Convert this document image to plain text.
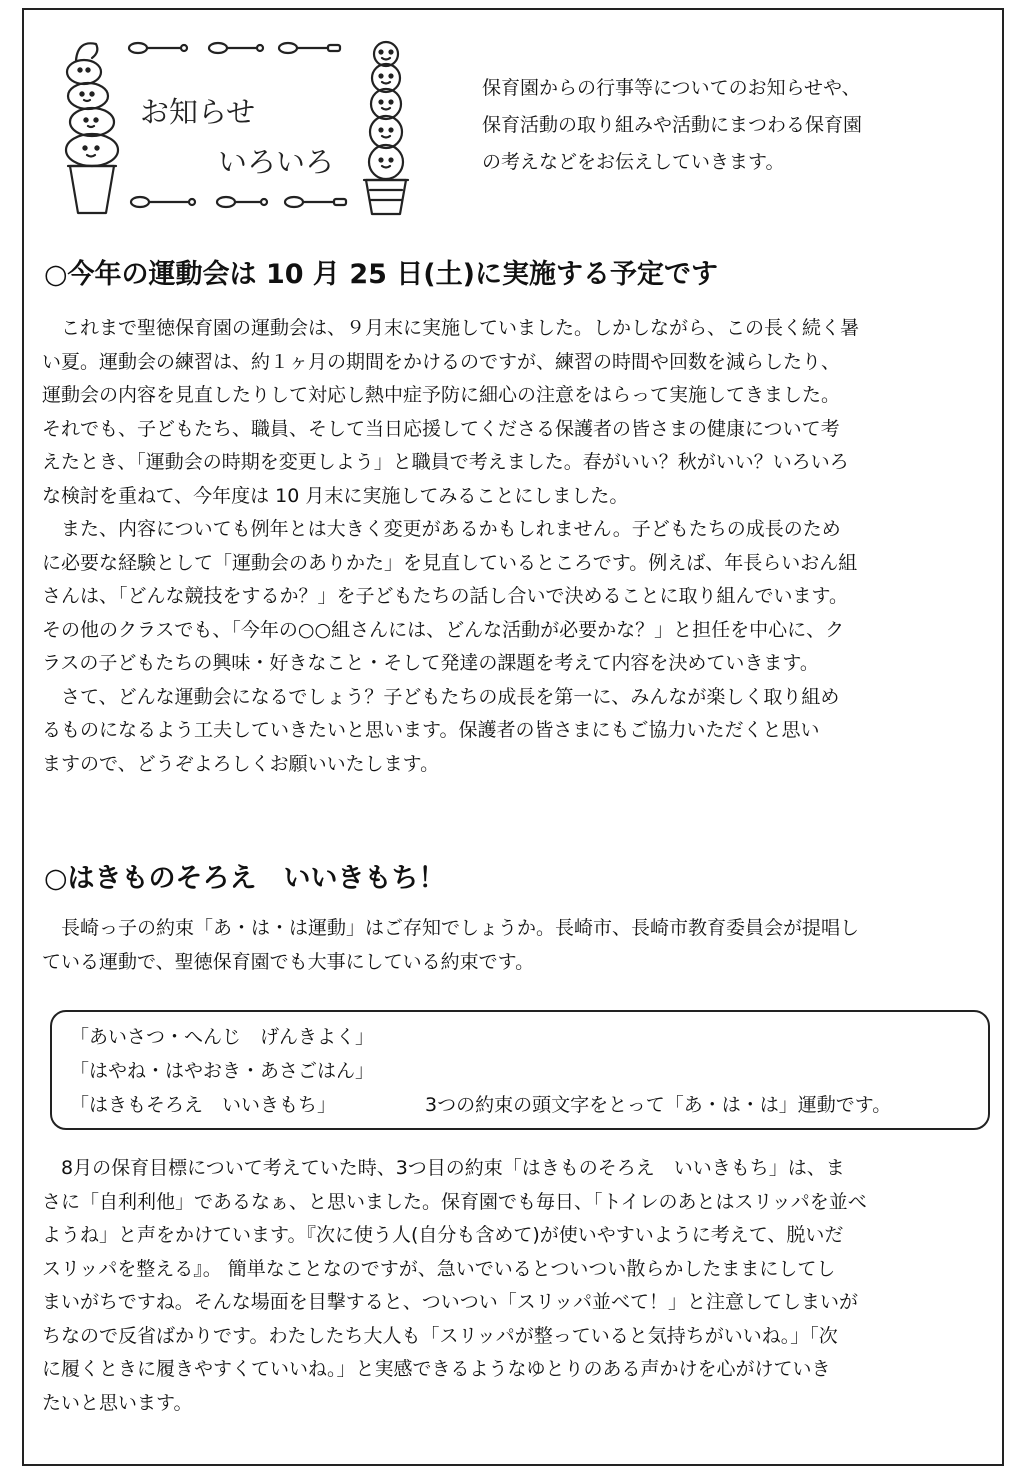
お知らせ
いろいろ
保育園からの行事等についてのお知らせや、
保育活動の取り組みや活動にまつわる保育園
の考えなどをお伝えしていきます。
○今年の運動会は 10 月 25 日(土)に実施する予定です
　これまで聖徳保育園の運動会は、９月末に実施していました。しかしながら、この長く続く暑
い夏。運動会の練習は、約１ヶ月の期間をかけるのですが、練習の時間や回数を減らしたり、
運動会の内容を見直したりして対応し熱中症予防に細心の注意をはらって実施してきました。
それでも、子どもたち、職員、そして当日応援してくださる保護者の皆さまの健康について考
えたとき、「運動会の時期を変更しよう」と職員で考えました。春がいい？秋がいい？いろいろ
な検討を重ねて、今年度は 10 月末に実施してみることにしました。
　また、内容についても例年とは大きく変更があるかもしれません。子どもたちの成長のため
に必要な経験として「運動会のありかた」を見直しているところです。例えば、年長らいおん組
さんは、「どんな競技をするか？」を子どもたちの話し合いで決めることに取り組んでいます。
その他のクラスでも、「今年の○○組さんには、どんな活動が必要かな？」と担任を中心に、ク
ラスの子どもたちの興味・好きなこと・そして発達の課題を考えて内容を決めていきます。
　さて、どんな運動会になるでしょう？子どもたちの成長を第一に、みんなが楽しく取り組め
るものになるよう工夫していきたいと思います。保護者の皆さまにもご協力いただくと思い
ますので、どうぞよろしくお願いいたします。
○はきものそろえ　いいきもち！
　長崎っ子の約束「あ・は・は運動」はご存知でしょうか。長崎市、長崎市教育委員会が提唱し
ている運動で、聖徳保育園でも大事にしている約束です。
「あいさつ・へんじ　げんきよく」
「はやね・はやおき・あさごはん」
「はきもそろえ　いいきもち」	3つの約束の頭文字をとって「あ・は・は」運動です。
　8月の保育目標について考えていた時、3つ目の約束「はきものそろえ　いいきもち」は、ま
さに「自利利他」であるなぁ、と思いました。保育園でも毎日、「トイレのあとはスリッパを並べ
ようね」と声をかけています。『次に使う人(自分も含めて)が使いやすいように考えて、脱いだ
スリッパを整える』。 簡単なことなのですが、急いでいるとついつい散らかしたままにしてし
まいがちですね。そんな場面を目撃すると、ついつい「スリッパ並べて！」と注意してしまいが
ちなので反省ばかりです。わたしたち大人も「スリッパが整っていると気持ちがいいね。」「次
に履くときに履きやすくていいね。」と実感できるようなゆとりのある声かけを心がけていき
たいと思います。
